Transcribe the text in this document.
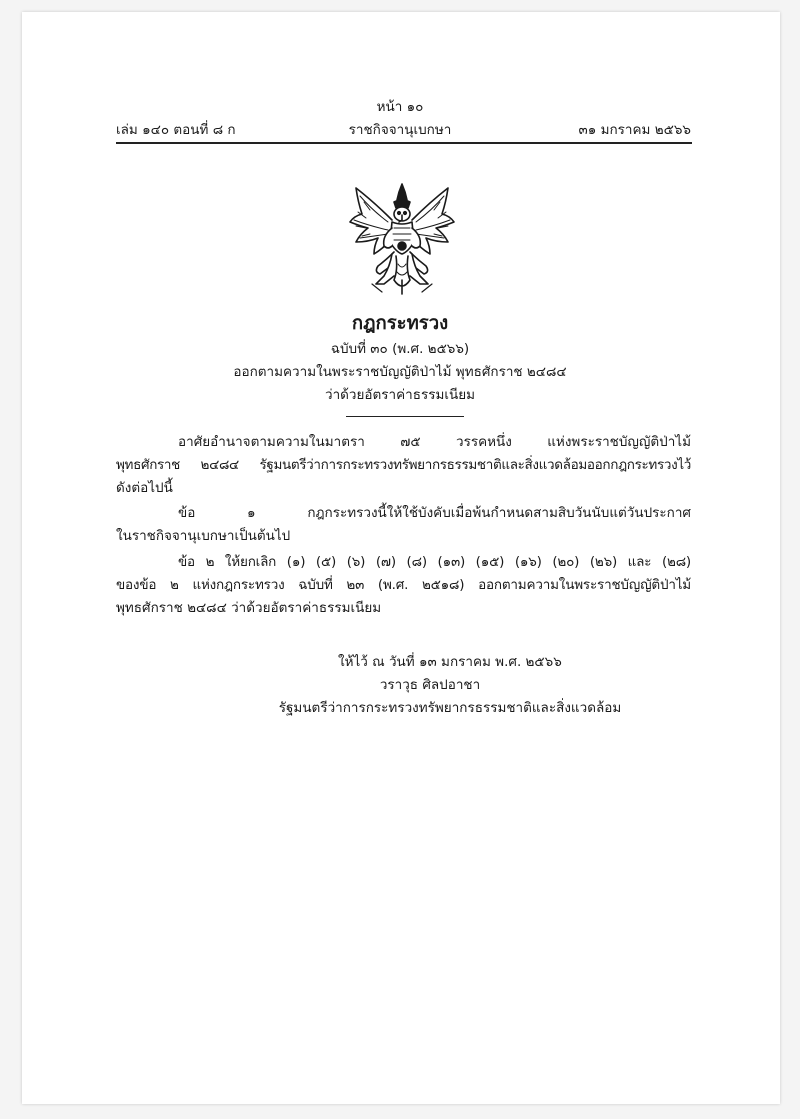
หน้า ๑๐
เล่ม ๑๔๐ ตอนที่ ๘ ก	ราชกิจจานุเบกษา	๓๑ มกราคม ๒๕๖๖
กฎกระทรวง
ฉบับที่ ๓๐ (พ.ศ. ๒๕๖๖)
ออกตามความในพระราชบัญญัติป่าไม้ พุทธศักราช ๒๔๘๔
ว่าด้วยอัตราค่าธรรมเนียม
อาศัยอำนาจตามความในมาตรา ๗๕ วรรคหนึ่ง แห่งพระราชบัญญัติป่าไม้
พุทธศักราช ๒๔๘๔ รัฐมนตรีว่าการกระทรวงทรัพยากรธรรมชาติและสิ่งแวดล้อมออกกฎกระทรวงไว้
ดังต่อไปนี้
ข้อ ๑ กฎกระทรวงนี้ให้ใช้บังคับเมื่อพ้นกำหนดสามสิบวันนับแต่วันประกาศ
ในราชกิจจานุเบกษาเป็นต้นไป
ข้อ ๒ ให้ยกเลิก (๑) (๕) (๖) (๗) (๘) (๑๓) (๑๕) (๑๖) (๒๐) (๒๖) และ (๒๘)
ของข้อ ๒ แห่งกฎกระทรวง ฉบับที่ ๒๓ (พ.ศ. ๒๕๑๘) ออกตามความในพระราชบัญญัติป่าไม้
พุทธศักราช ๒๔๘๔ ว่าด้วยอัตราค่าธรรมเนียม
ให้ไว้ ณ วันที่ ๑๓ มกราคม พ.ศ. ๒๕๖๖
วราวุธ ศิลปอาชา
รัฐมนตรีว่าการกระทรวงทรัพยากรธรรมชาติและสิ่งแวดล้อม
